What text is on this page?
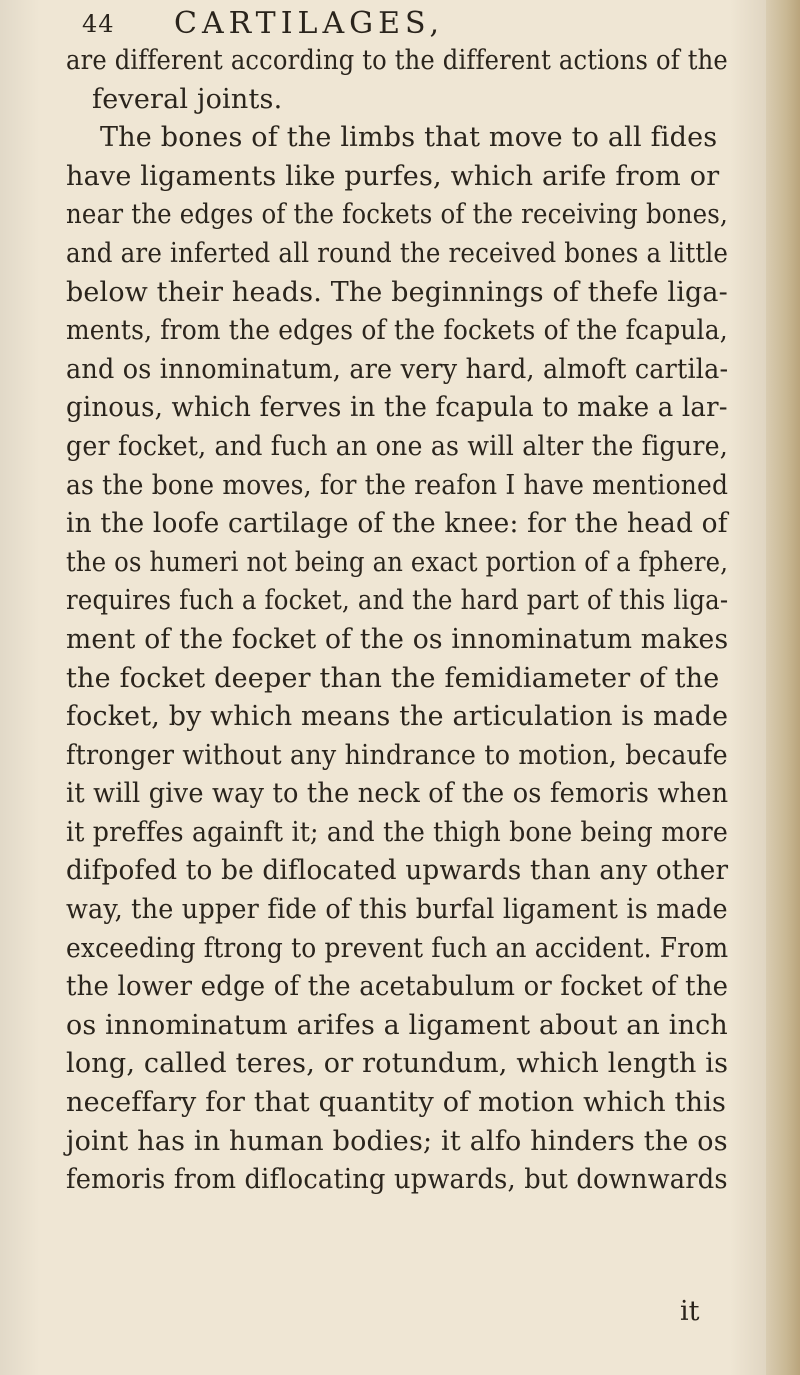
44 CARTILAGES,
are different according to the different actions of the
feveral joints.
The bones of the limbs that move to all fides
have ligaments like purfes, which arife from or
near the edges of the fockets of the receiving bones,
and are inferted all round the received bones a little
below their heads. The beginnings of thefe liga-
ments, from the edges of the fockets of the fcapula,
and os innominatum, are very hard, almoft cartila-
ginous, which ferves in the fcapula to make a lar-
ger focket, and fuch an one as will alter the figure,
as the bone moves, for the reafon I have mentioned
in the loofe cartilage of the knee: for the head of
the os humeri not being an exact portion of a fphere,
requires fuch a focket, and the hard part of this liga-
ment of the focket of the os innominatum makes
the focket deeper than the femidiameter of the
focket, by which means the articulation is made
ftronger without any hindrance to motion, becaufe
it will give way to the neck of the os femoris when
it preffes againft it; and the thigh bone being more
difpofed to be diflocated upwards than any other
way, the upper fide of this burfal ligament is made
exceeding ftrong to prevent fuch an accident. From
the lower edge of the acetabulum or focket of the
os innominatum arifes a ligament about an inch
long, called teres, or rotundum, which length is
neceffary for that quantity of motion which this
joint has in human bodies; it alfo hinders the os
femoris from diflocating upwards, but downwards
it
